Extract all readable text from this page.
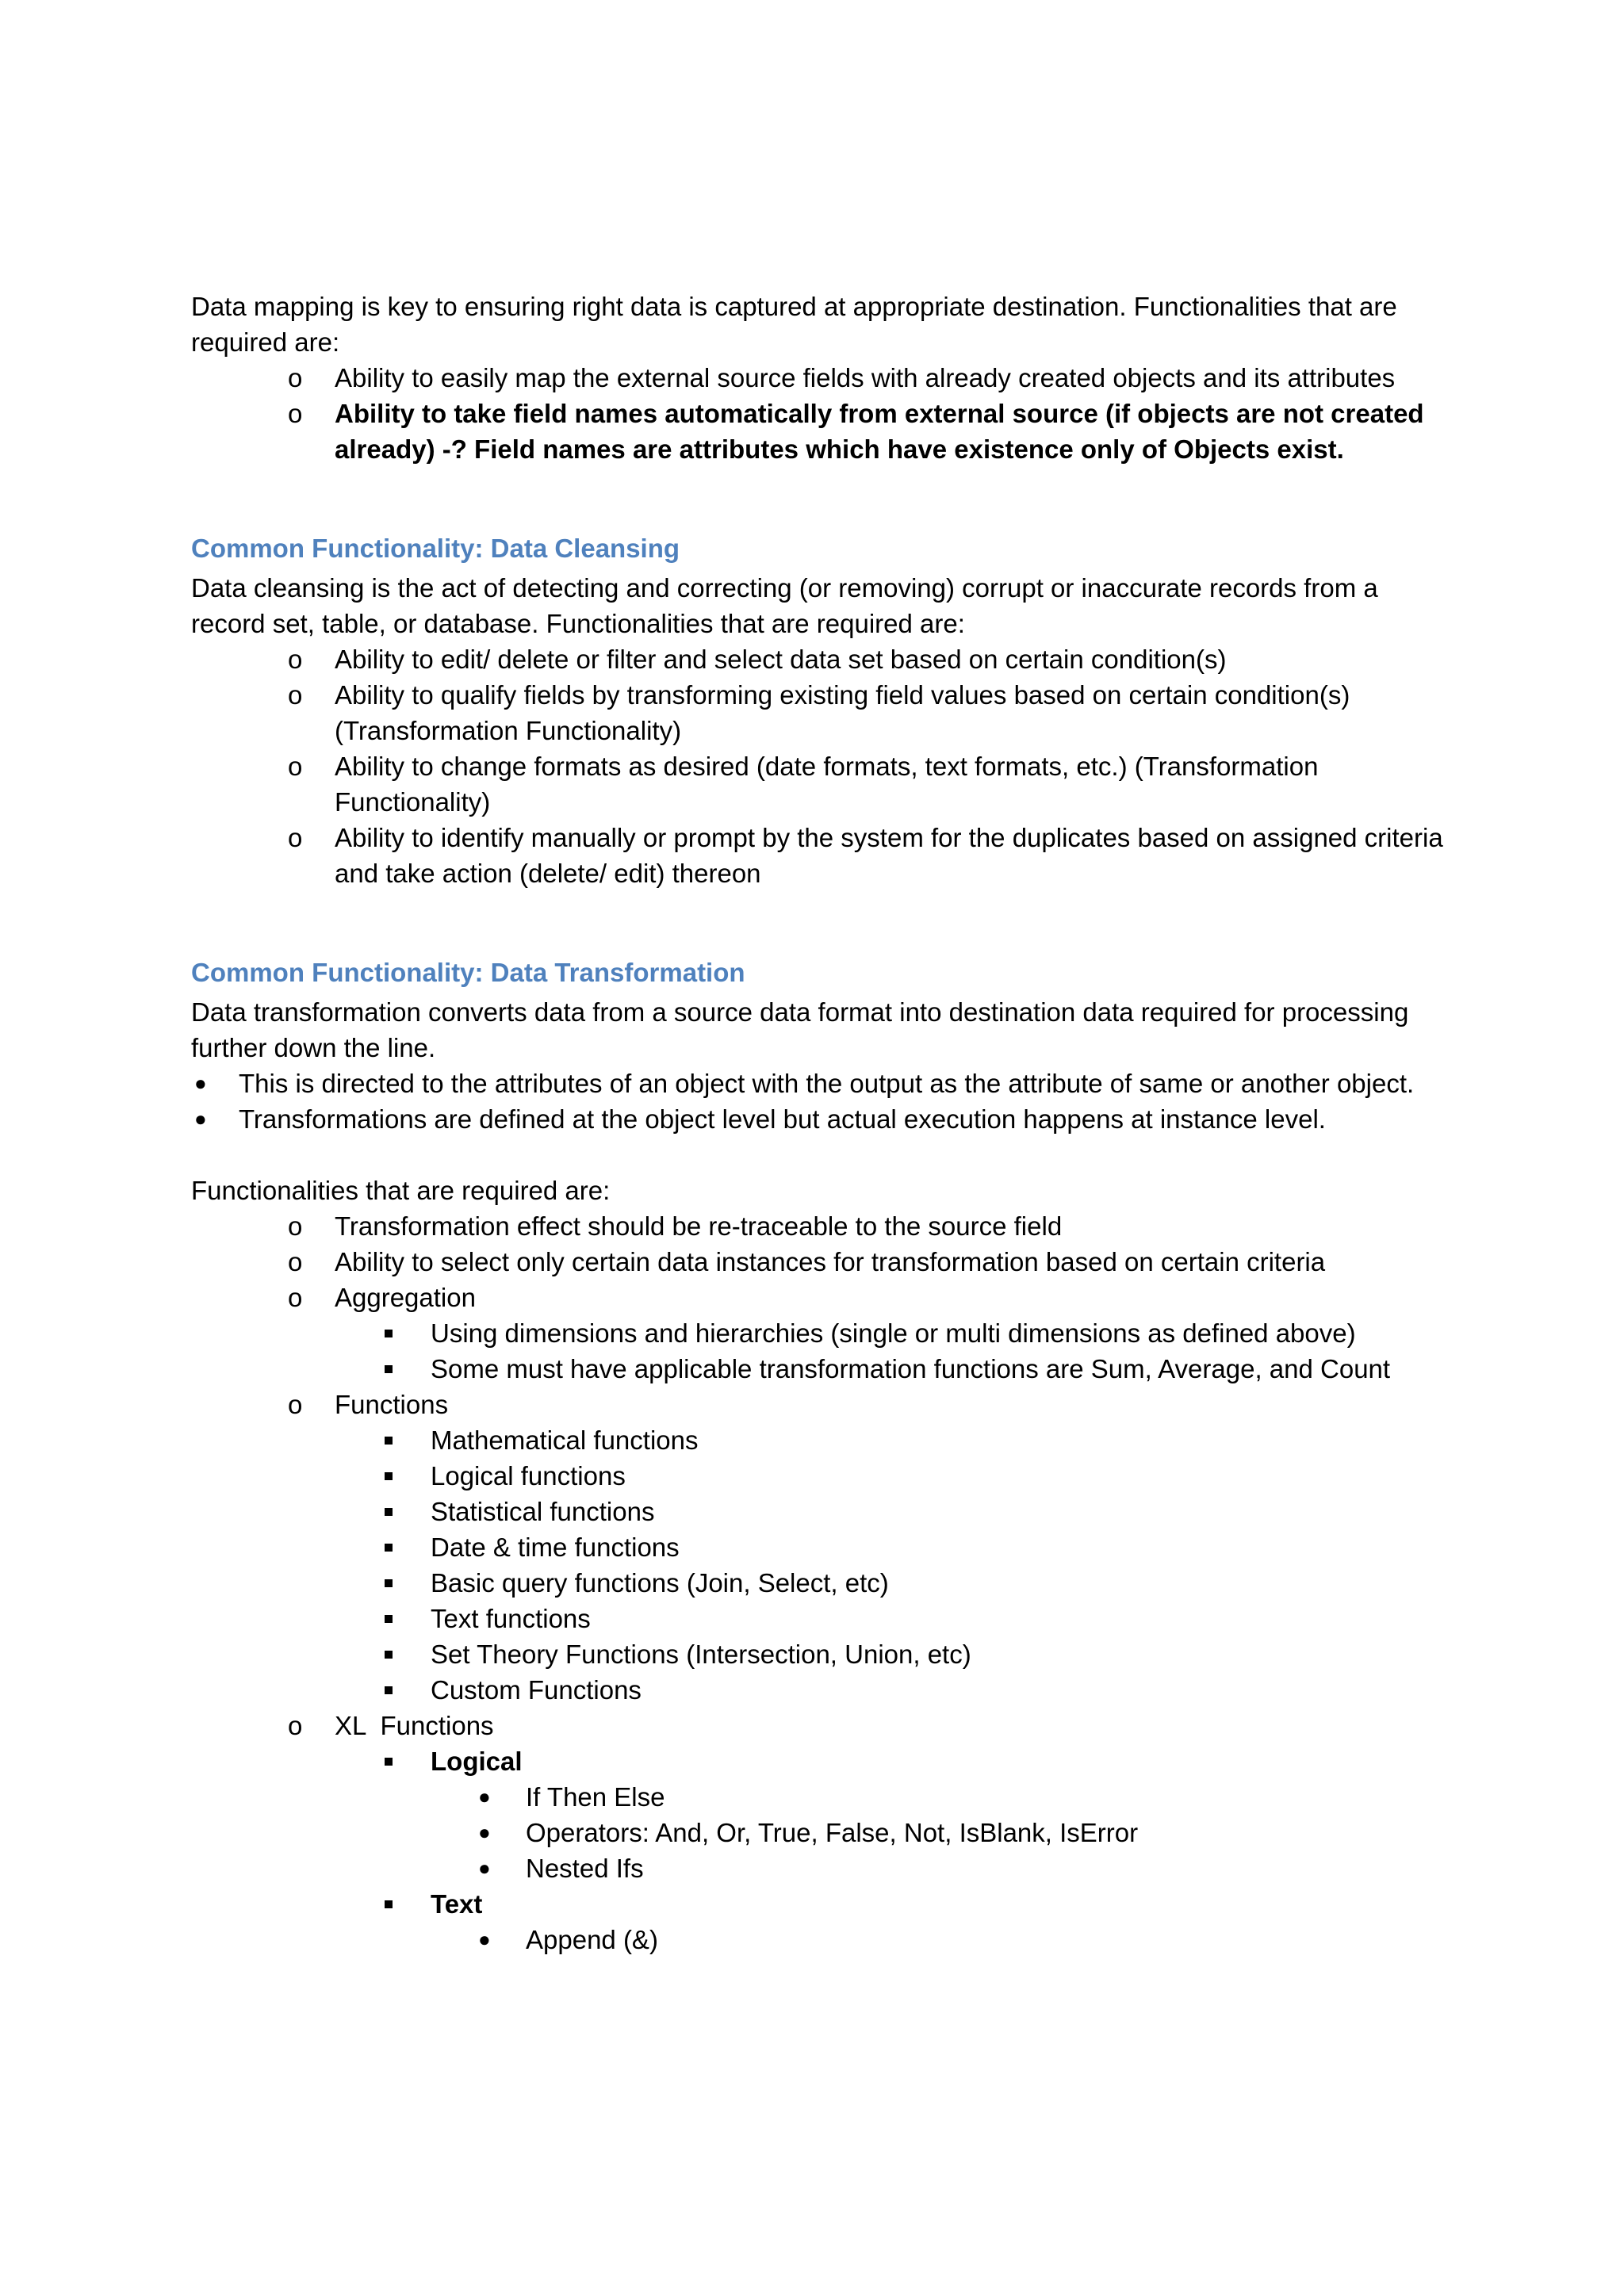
Data mapping is key to ensuring right data is captured at appropriate destination. Functionalities that are required are:

o Ability to easily map the external source fields with already created objects and its attributes
o Ability to take field names automatically from external source (if objects are not created already) -? Field names are attributes which have existence only of Objects exist.

Common Functionality: Data Cleansing

Data cleansing is the act of detecting and correcting (or removing) corrupt or inaccurate records from a record set, table, or database. Functionalities that are required are:

o Ability to edit/ delete or filter and select data set based on certain condition(s)
o Ability to qualify fields by transforming existing field values based on certain condition(s) (Transformation Functionality)
o Ability to change formats as desired (date formats, text formats, etc.) (Transformation Functionality)
o Ability to identify manually or prompt by the system for the duplicates based on assigned criteria and take action (delete/ edit) thereon

Common Functionality: Data Transformation

Data transformation converts data from a source data format into destination data required for processing further down the line.

● This is directed to the attributes of an object with the output as the attribute of same or another object.
● Transformations are defined at the object level but actual execution happens at instance level.

Functionalities that are required are:

o Transformation effect should be re-traceable to the source field
o Ability to select only certain data instances for transformation based on certain criteria
o Aggregation
Using dimensions and hierarchies (single or multi dimensions as defined above)
Some must have applicable transformation functions are Sum, Average, and Count
o Functions
Mathematical functions
Logical functions
Statistical functions
Date & time functions
Basic query functions (Join, Select, etc)
Text functions
Set Theory Functions (Intersection, Union, etc)
Custom Functions
o XL  Functions
Logical
● If Then Else
● Operators: And, Or, True, False, Not, IsBlank, IsError
● Nested Ifs
Text
● Append (&)
